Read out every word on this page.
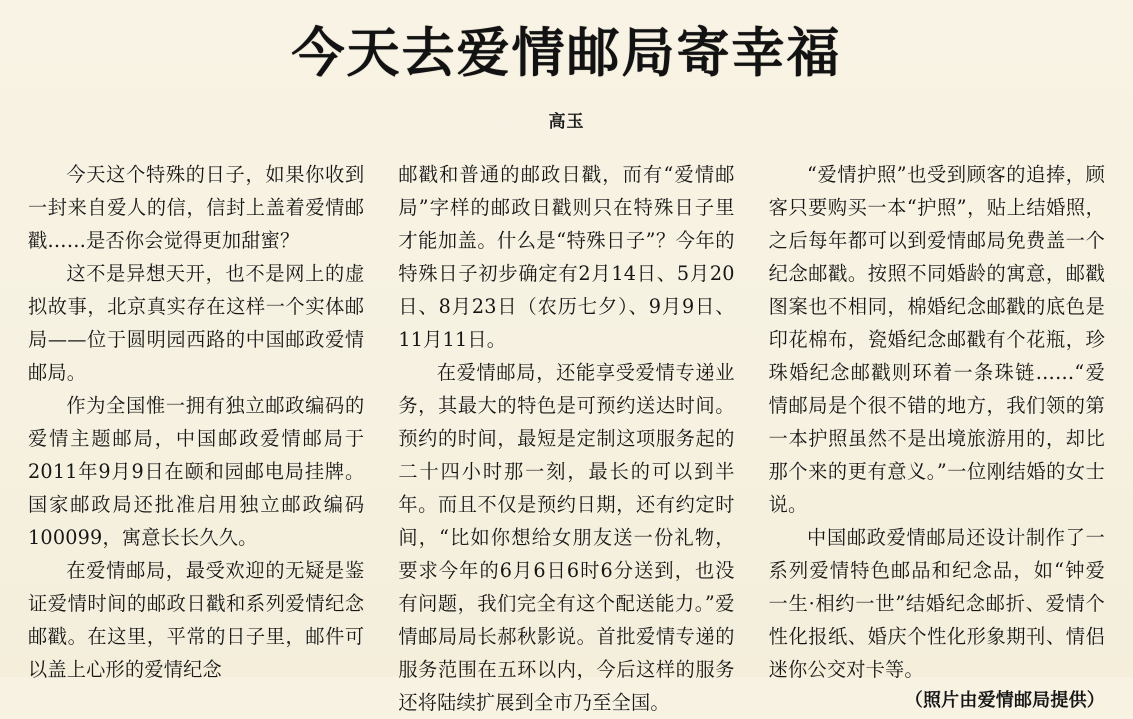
今天去爱情邮局寄幸福
高玉

今天这个特殊的日子，如果你收到一封来自爱人的信，信封上盖着爱情邮戳……是否你会觉得更加甜蜜？

这不是异想天开，也不是网上的虚拟故事，北京真实存在这样一个实体邮局——位于圆明园西路的中国邮政爱情邮局。

作为全国惟一拥有独立邮政编码的爱情主题邮局，中国邮政爱情邮局于2011年9月9日在颐和园邮电局挂牌。国家邮政局还批准启用独立邮政编码100099，寓意长长久久。

在爱情邮局，最受欢迎的无疑是鉴证爱情时间的邮政日戳和系列爱情纪念邮戳。在这里，平常的日子里，邮件可以盖上心形的爱情纪念

邮戳和普通的邮政日戳，而有“爱情邮局”字样的邮政日戳则只在特殊日子里才能加盖。什么是“特殊日子”？今年的特殊日子初步确定有2月14日、5月20日、8月23日（农历七夕）、9月9日、11月11日。

在爱情邮局，还能享受爱情专递业务，其最大的特色是可预约送达时间。预约的时间，最短是定制这项服务起的二十四小时那一刻，最长的可以到半年。而且不仅是预约日期，还有约定时间，“比如你想给女朋友送一份礼物，要求今年的6月6日6时6分送到，也没有问题，我们完全有这个配送能力。”爱情邮局局长郝秋影说。首批爱情专递的服务范围在五环以内，今后这样的服务还将陆续扩展到全市乃至全国。

“爱情护照”也受到顾客的追捧，顾客只要购买一本“护照”，贴上结婚照，之后每年都可以到爱情邮局免费盖一个纪念邮戳。按照不同婚龄的寓意，邮戳图案也不相同，棉婚纪念邮戳的底色是印花棉布，瓷婚纪念邮戳有个花瓶，珍珠婚纪念邮戳则环着一条珠链……“爱情邮局是个很不错的地方，我们领的第一本护照虽然不是出境旅游用的，却比那个来的更有意义。”一位刚结婚的女士说。

中国邮政爱情邮局还设计制作了一系列爱情特色邮品和纪念品，如“钟爱一生·相约一世”结婚纪念邮折、爱情个性化报纸、婚庆个性化形象期刊、情侣迷你公交对卡等。

（照片由爱情邮局提供）
